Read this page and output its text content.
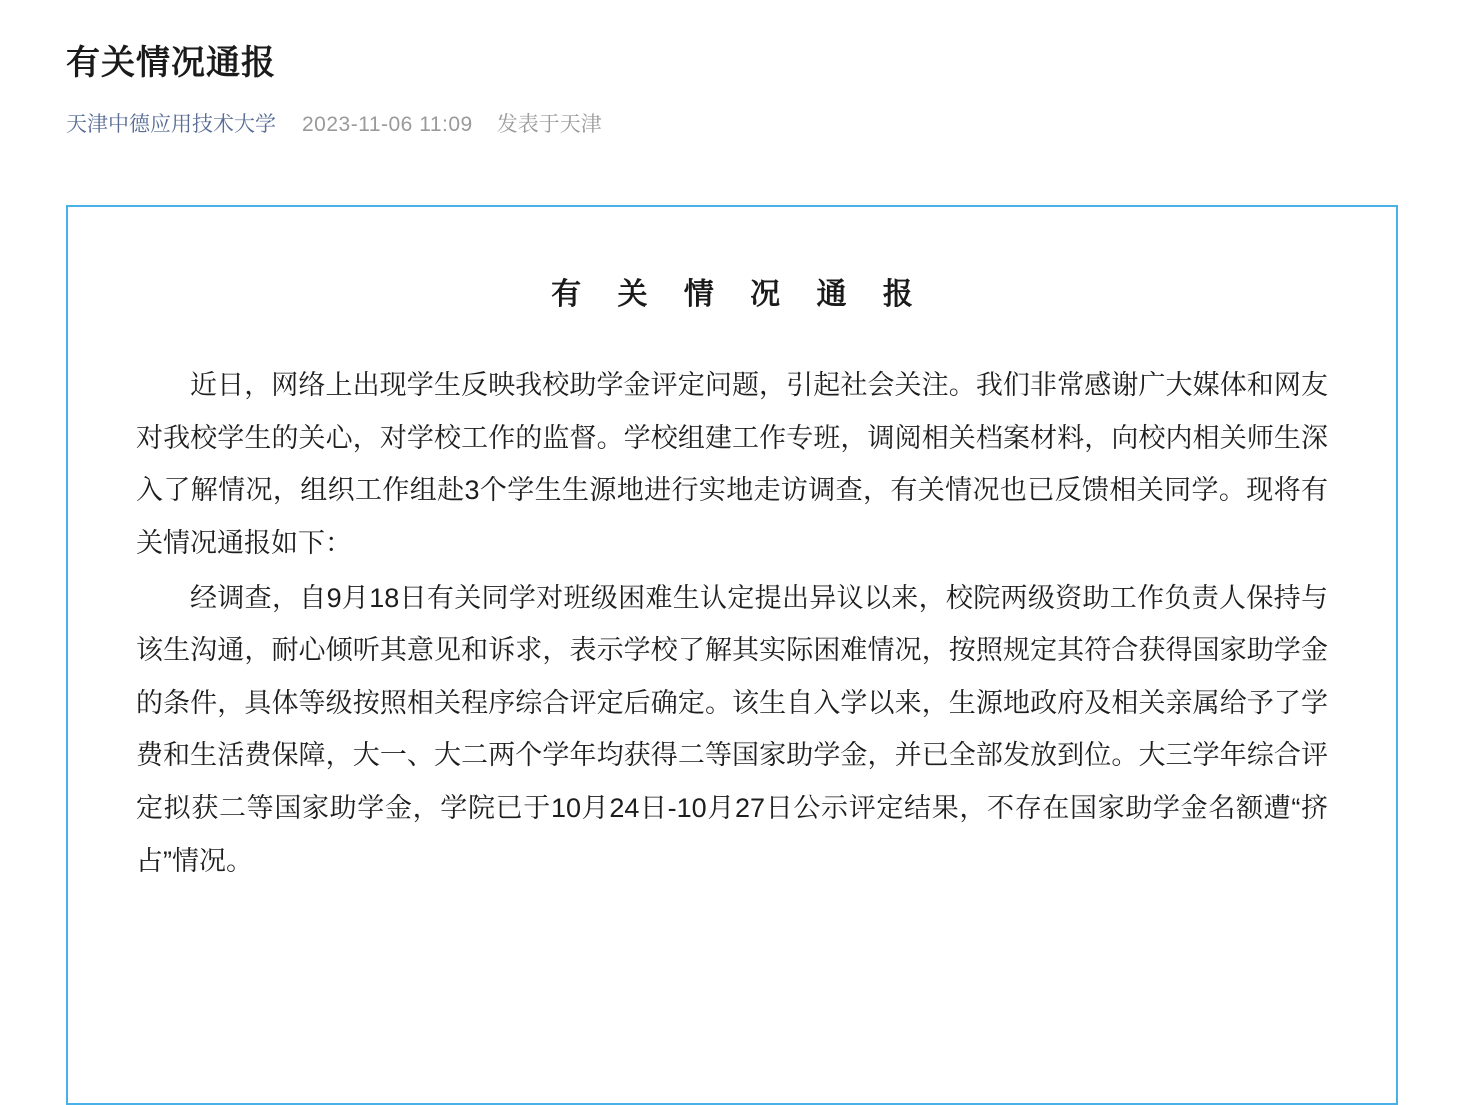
有关情况通报
天津中德应用技术大学 2023-11-06 11:09 发表于天津
有 关 情 况 通 报

近日，网络上出现学生反映我校助学金评定问题，引起社会关注。我们非常感谢广大媒体和网友对我校学生的关心，对学校工作的监督。学校组建工作专班，调阅相关档案材料，向校内相关师生深入了解情况，组织工作组赴3个学生生源地进行实地走访调查，有关情况也已反馈相关同学。现将有关情况通报如下：

经调查，自9月18日有关同学对班级困难生认定提出异议以来，校院两级资助工作负责人保持与该生沟通，耐心倾听其意见和诉求，表示学校了解其实际困难情况，按照规定其符合获得国家助学金的条件，具体等级按照相关程序综合评定后确定。该生自入学以来，生源地政府及相关亲属给予了学费和生活费保障，大一、大二两个学年均获得二等国家助学金，并已全部发放到位。大三学年综合评定拟获二等国家助学金，学院已于10月24日-10月27日公示评定结果，不存在国家助学金名额遭“挤占”情况。
